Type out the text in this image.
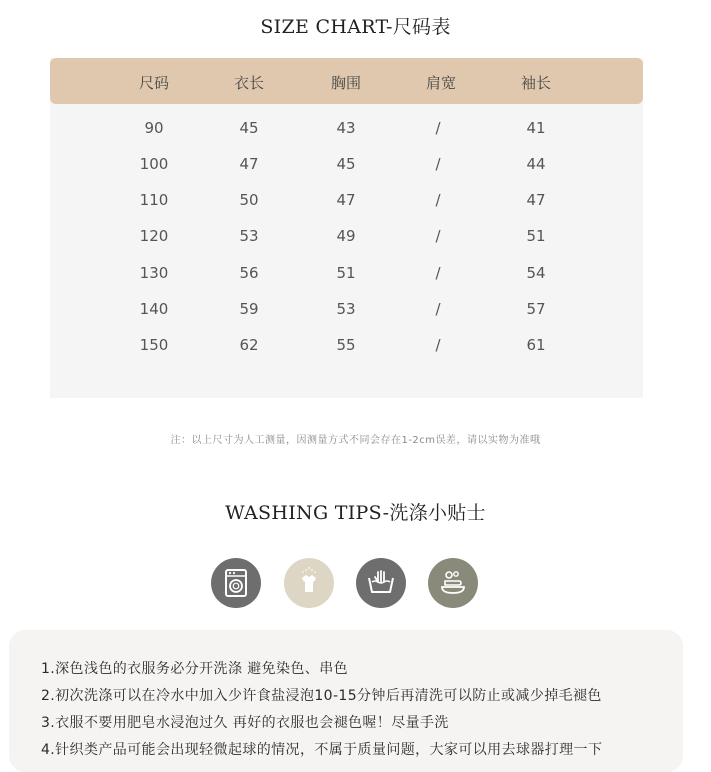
SIZE CHART-尺码表
尺码	衣长	胸围	肩宽	袖长
90	45	43	/	41
100	47	45	/	44
110	50	47	/	47
120	53	49	/	51
130	56	51	/	54
140	59	53	/	57
150	62	55	/	61
注：以上尺寸为人工测量，因测量方式不同会存在1-2cm误差，请以实物为准哦
WASHING TIPS-洗涤小贴士
1.深色浅色的衣服务必分开洗涤 避免染色、串色
2.初次洗涤可以在冷水中加入少许食盐浸泡10-15分钟后再清洗可以防止或减少掉毛褪色
3.衣服不要用肥皂水浸泡过久 再好的衣服也会褪色喔！尽量手洗
4.针织类产品可能会出现轻微起球的情况，不属于质量问题，大家可以用去球器打理一下
